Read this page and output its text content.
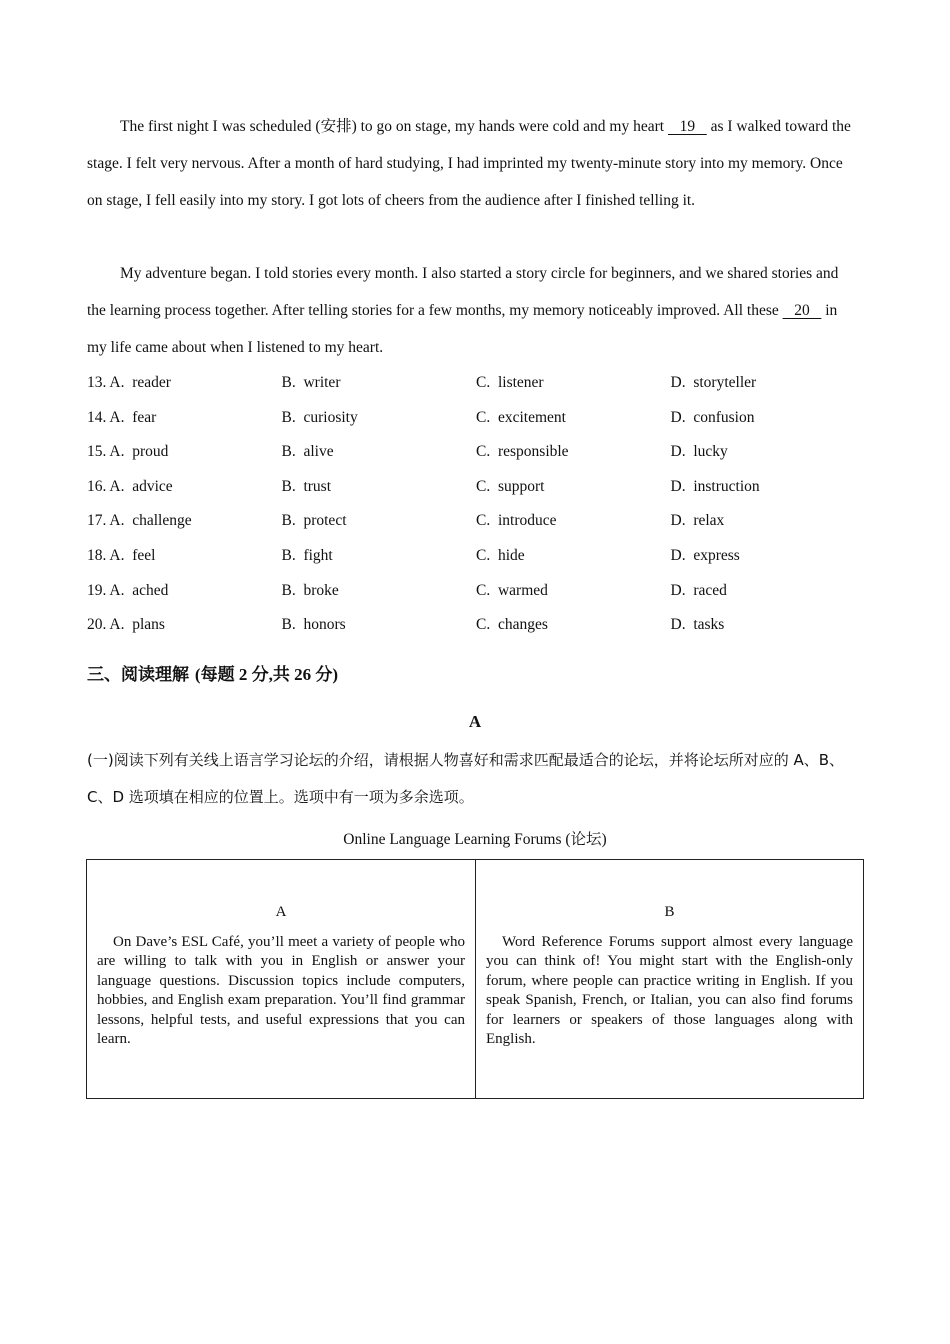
The first night I was scheduled (安排) to go on stage, my hands were cold and my heart    19    as I walked toward the stage. I felt very nervous. After a month of hard studying, I had imprinted my twenty-minute story into my memory. Once on stage, I fell easily into my story. I got lots of cheers from the audience after I finished telling it.

My adventure began. I told stories every month. I also started a story circle for beginners, and we shared stories and the learning process together. After telling stories for a few months, my memory noticeably improved. All these    20    in my life came about when I listened to my heart.

13. A. reader	B. writer	C. listener	D. storyteller
14. A. fear	B. curiosity	C. excitement	D. confusion
15. A. proud	B. alive	C. responsible	D. lucky
16. A. advice	B. trust	C. support	D. instruction
17. A. challenge	B. protect	C. introduce	D. relax
18. A. feel	B. fight	C. hide	D. express
19. A. ached	B. broke	C. warmed	D. raced
20. A. plans	B. honors	C. changes	D. tasks
三、阅读理解 (每题 2 分,共 26 分)
A
(一)阅读下列有关线上语言学习论坛的介绍，请根据人物喜好和需求匹配最适合的论坛，并将论坛所对应的 A、B、C、D 选项填在相应的位置上。选项中有一项为多余选项。
Online Language Learning Forums (论坛)
A
On Dave’s ESL Café, you’ll meet a variety of people who are willing to talk with you in English or answer your language questions. Discussion topics include computers, hobbies, and English exam preparation. You’ll find grammar lessons, helpful tests, and useful expressions that you can learn.
B
Word Reference Forums support almost every language you can think of! You might start with the English-only forum, where people can practice writing in English. If you speak Spanish, French, or Italian, you can also find forums for learners or speakers of those languages along with English.
